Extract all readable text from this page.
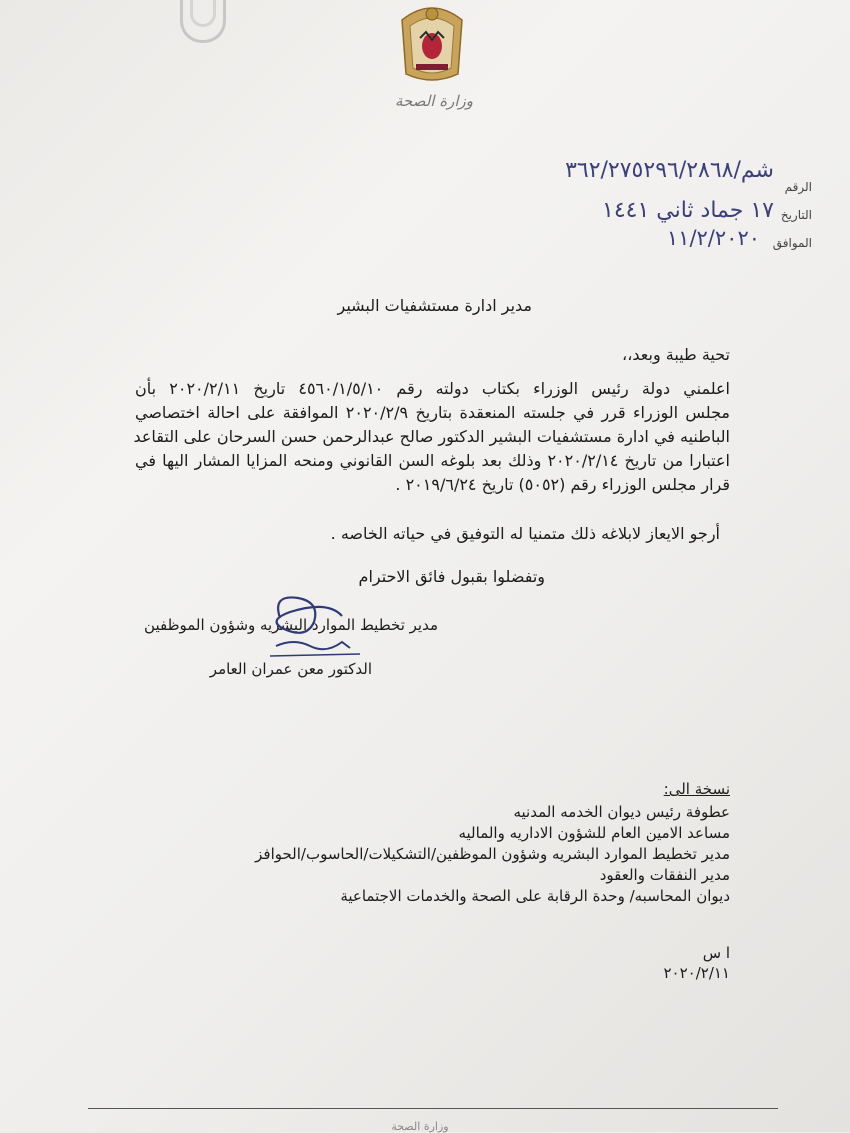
وزارة الصحة
الرقم
التاريخ
الموافق
شم/٣٦٢/٢٧٥٢٩٦/٢٨٦٨
١٧ جماد ثاني ١٤٤١
١١/٢/٢٠٢٠
مدير ادارة مستشفيات البشير
تحية طيبة وبعد،،
اعلمني دولة رئيس الوزراء بكتاب دولته رقم ٤٥٦٠/١/٥/١٠ تاريخ ٢٠٢٠/٢/١١ بأن
مجلس الوزراء قرر في جلسته المنعقدة بتاريخ ٢٠٢٠/٢/٩ الموافقة على احالة اختصاصي
الباطنيه في ادارة مستشفيات البشير الدكتور صالح عبدالرحمن حسن السرحان على التقاعد
اعتبارا من تاريخ ٢٠٢٠/٢/١٤ وذلك بعد بلوغه السن القانوني ومنحه المزايا المشار اليها في
قرار مجلس الوزراء رقم (٥٠٥٢) تاريخ ٢٠١٩/٦/٢٤ .
أرجو الايعاز لابلاغه ذلك متمنيا له التوفيق في حياته الخاصه .
وتفضلوا بقبول فائق الاحترام
مدير تخطيط الموارد البشريه وشؤون الموظفين
الدكتور معن عمران العامر
نسخة الى:
عطوفة رئيس ديوان الخدمه المدنيه
مساعد الامين العام للشؤون الاداريه والماليه
مدير تخطيط الموارد البشريه وشؤون الموظفين/التشكيلات/الحاسوب/الحوافز
مدير النفقات والعقود
ديوان المحاسبه/ وحدة الرقابة على الصحة والخدمات الاجتماعية
ا س
٢٠٢٠/٢/١١
وزارة الصحة
